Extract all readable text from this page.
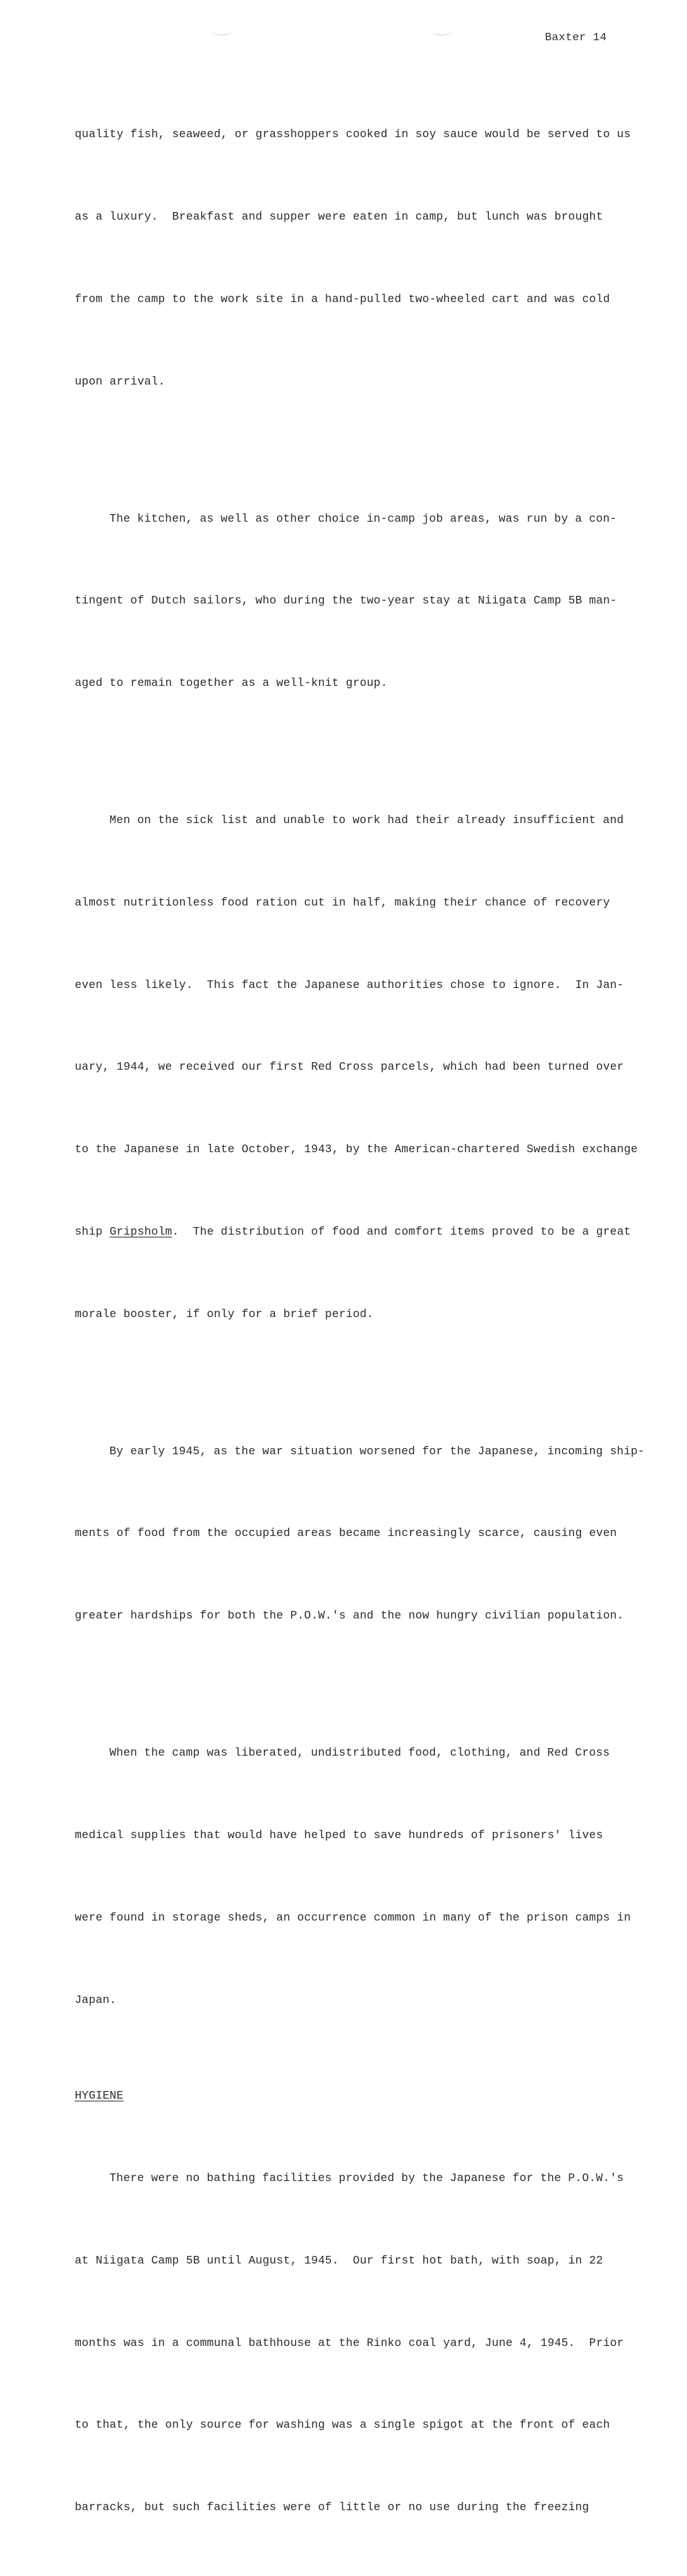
Baxter 14

quality fish, seaweed, or grasshoppers cooked in soy sauce would be served to us

as a luxury.  Breakfast and supper were eaten in camp, but lunch was brought

from the camp to the work site in a hand-pulled two-wheeled cart and was cold

upon arrival.

The kitchen, as well as other choice in-camp job areas, was run by a con-

tingent of Dutch sailors, who during the two-year stay at Niigata Camp 5B man-

aged to remain together as a well-knit group.

Men on the sick list and unable to work had their already insufficient and

almost nutritionless food ration cut in half, making their chance of recovery

even less likely.  This fact the Japanese authorities chose to ignore.  In Jan-

uary, 1944, we received our first Red Cross parcels, which had been turned over

to the Japanese in late October, 1943, by the American-chartered Swedish exchange

ship Gripsholm.  The distribution of food and comfort items proved to be a great

morale booster, if only for a brief period.

By early 1945, as the war situation worsened for the Japanese, incoming ship-

ments of food from the occupied areas became increasingly scarce, causing even

greater hardships for both the P.O.W.'s and the now hungry civilian population.

When the camp was liberated, undistributed food, clothing, and Red Cross

medical supplies that would have helped to save hundreds of prisoners' lives

were found in storage sheds, an occurrence common in many of the prison camps in

Japan.

HYGIENE

There were no bathing facilities provided by the Japanese for the P.O.W.'s

at Niigata Camp 5B until August, 1945.  Our first hot bath, with soap, in 22

months was in a communal bathhouse at the Rinko coal yard, June 4, 1945.  Prior

to that, the only source for washing was a single spigot at the front of each

barracks, but such facilities were of little or no use during the freezing
